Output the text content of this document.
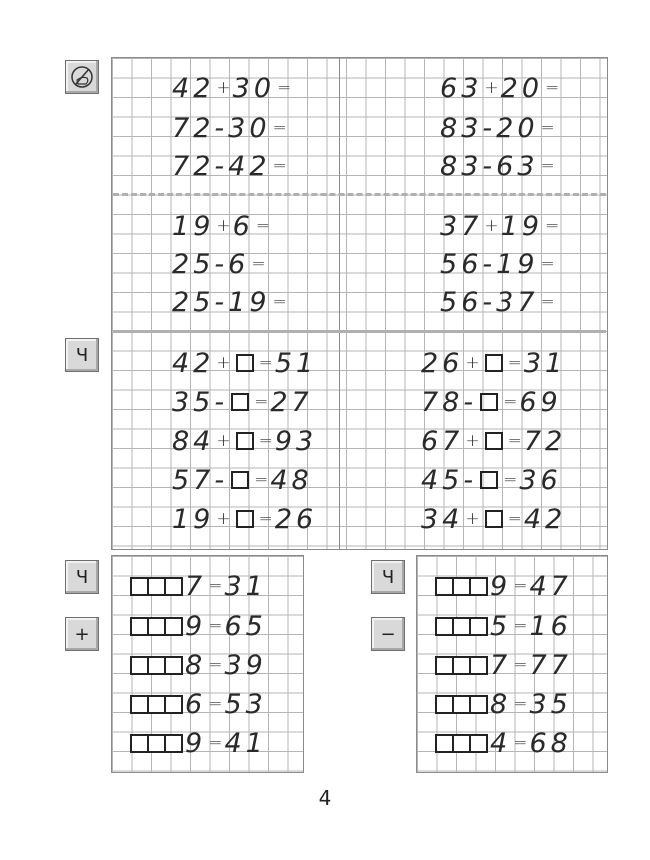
Ч
4 2 + 3 0 =
7 2 - 3 0 =
7 2 - 4 2 =
6 3 + 2 0 =
8 3 - 2 0 =
8 3 - 6 3 =
1 9 + 6 =
2 5 - 6 =
2 5 - 1 9 =
3 7 + 1 9 =
5 6 - 1 9 =
5 6 - 3 7 =
42 + = 51
35 - = 27
84 + = 93
57 - = 48
19 + = 26
26 + = 31
78 - = 69
67 + = 72
45 - = 36
34 + = 42
Ч
+
Ч
−
7 = 31
9 = 65
8 = 39
6 = 53
9 = 41
9 = 47
5 = 16
7 = 77
8 = 35
4 = 68
4
